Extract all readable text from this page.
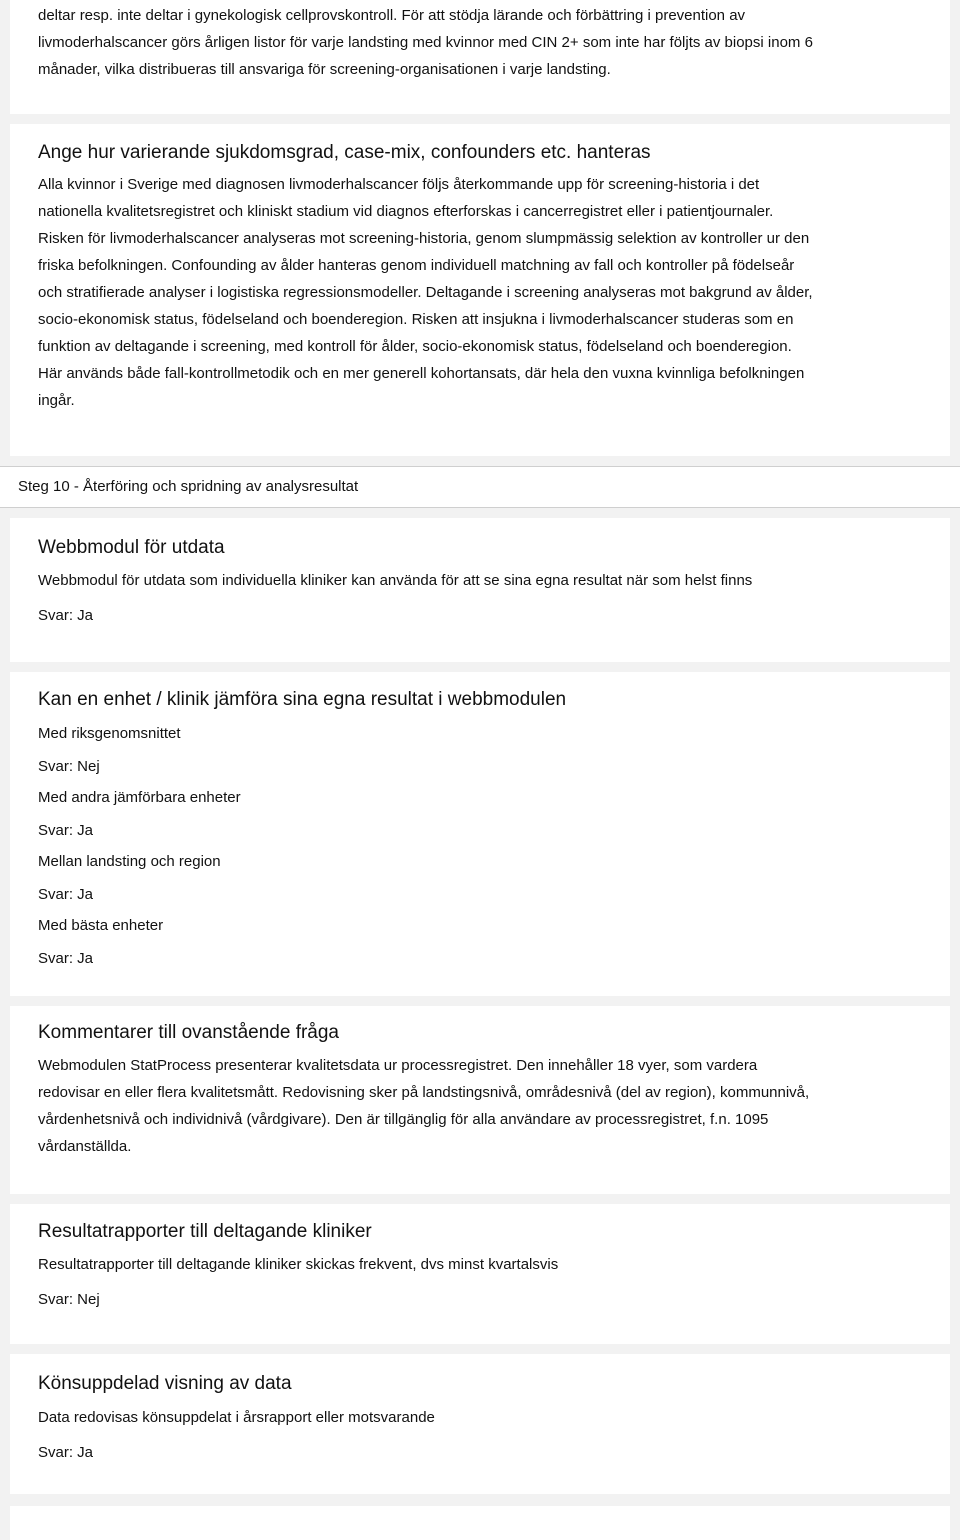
deltar resp. inte deltar i gynekologisk cellprovskontroll. För att stödja lärande och förbättring i prevention av

livmoderhalscancer görs årligen listor för varje landsting med kvinnor med CIN 2+ som inte har följts av biopsi inom 6

månader, vilka distribueras till ansvariga för screening-organisationen i varje landsting.

Ange hur varierande sjukdomsgrad, case-mix, confounders etc. hanteras

Alla kvinnor i Sverige med diagnosen livmoderhalscancer följs återkommande upp för screening-historia i det

nationella kvalitetsregistret och kliniskt stadium vid diagnos efterforskas i cancerregistret eller i patientjournaler.

Risken för livmoderhalscancer analyseras mot screening-historia, genom slumpmässig selektion av kontroller ur den

friska befolkningen. Confounding av ålder hanteras genom individuell matchning av fall och kontroller på födelseår

och stratifierade analyser i logistiska regressionsmodeller. Deltagande i screening analyseras mot bakgrund av ålder,

socio-ekonomisk status, födelseland och boenderegion. Risken att insjukna i livmoderhalscancer studeras som en

funktion av deltagande i screening, med kontroll för ålder, socio-ekonomisk status, födelseland och boenderegion.

Här används både fall-kontrollmetodik och en mer generell kohortansats, där hela den vuxna kvinnliga befolkningen

ingår.

Steg 10 - Återföring och spridning av analysresultat
Webbmodul för utdata

Webbmodul för utdata som individuella kliniker kan använda för att se sina egna resultat när som helst finns

Svar: Ja

Kan en enhet / klinik jämföra sina egna resultat i webbmodulen

Med riksgenomsnittet

Svar: Nej

Med andra jämförbara enheter

Svar: Ja

Mellan landsting och region

Svar: Ja

Med bästa enheter

Svar: Ja

Kommentarer till ovanstående fråga

Webmodulen StatProcess presenterar kvalitetsdata ur processregistret. Den innehåller 18 vyer, som vardera

redovisar en eller flera kvalitetsmått. Redovisning sker på landstingsnivå, områdesnivå (del av region), kommunnivå,

vårdenhetsnivå och individnivå (vårdgivare). Den är tillgänglig för alla användare av processregistret, f.n. 1095

vårdanställda.

Resultatrapporter till deltagande kliniker

Resultatrapporter till deltagande kliniker skickas frekvent, dvs minst kvartalsvis

Svar: Nej

Könsuppdelad visning av data

Data redovisas könsuppdelat i årsrapport eller motsvarande

Svar: Ja
